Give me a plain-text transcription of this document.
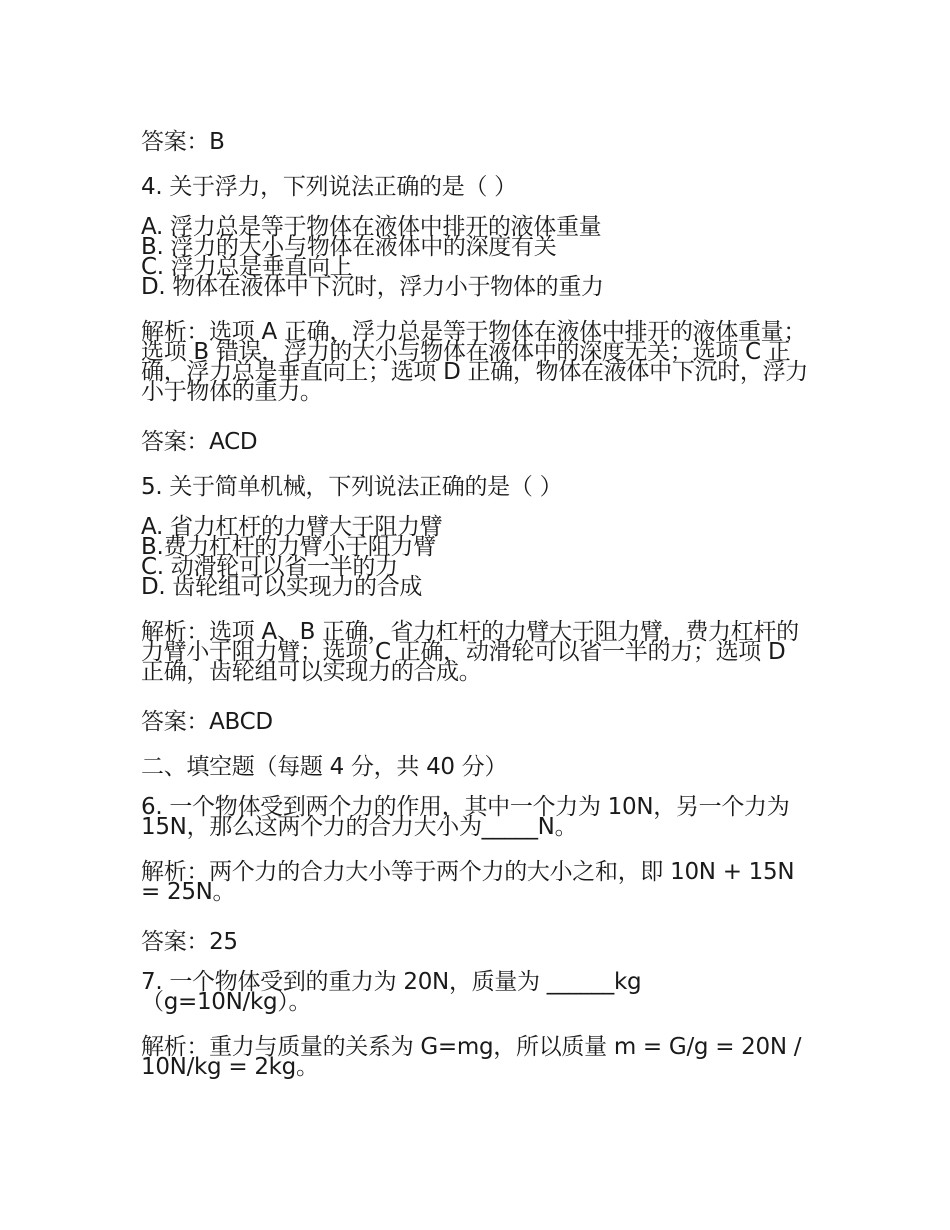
答案：B

4. 关于浮力，下列说法正确的是（ ）

A. 浮力总是等于物体在液体中排开的液体重量
B. 浮力的大小与物体在液体中的深度有关
C. 浮力总是垂直向上
D. 物体在液体中下沉时，浮力小于物体的重力

解析：选项 A 正确，浮力总是等于物体在液体中排开的液体重量；选项 B 错误，浮力的大小与物体在液体中的深度无关；选项 C 正确，浮力总是垂直向上；选项 D 正确，物体在液体中下沉时，浮力小于物体的重力。

答案：ACD

5. 关于简单机械，下列说法正确的是（ ）

A. 省力杠杆的力臂大于阻力臂
B.费力杠杆的力臂小于阻力臂
C. 动滑轮可以省一半的力
D. 齿轮组可以实现力的合成

解析：选项 A、B 正确，省力杠杆的力臂大于阻力臂，费力杠杆的力臂小于阻力臂；选项 C 正确，动滑轮可以省一半的力；选项 D 正确，齿轮组可以实现力的合成。

答案：ABCD

二、填空题（每题 4 分，共 40 分）

6. 一个物体受到两个力的作用，其中一个力为 10N，另一个力为 15N，那么这两个力的合力大小为_____N。

解析：两个力的合力大小等于两个力的大小之和，即 10N + 15N = 25N。

答案：25

7. 一个物体受到的重力为 20N，质量为 ______kg（g=10N/kg）。

解析：重力与质量的关系为 G=mg，所以质量 m = G/g = 20N / 10N/kg = 2kg。
